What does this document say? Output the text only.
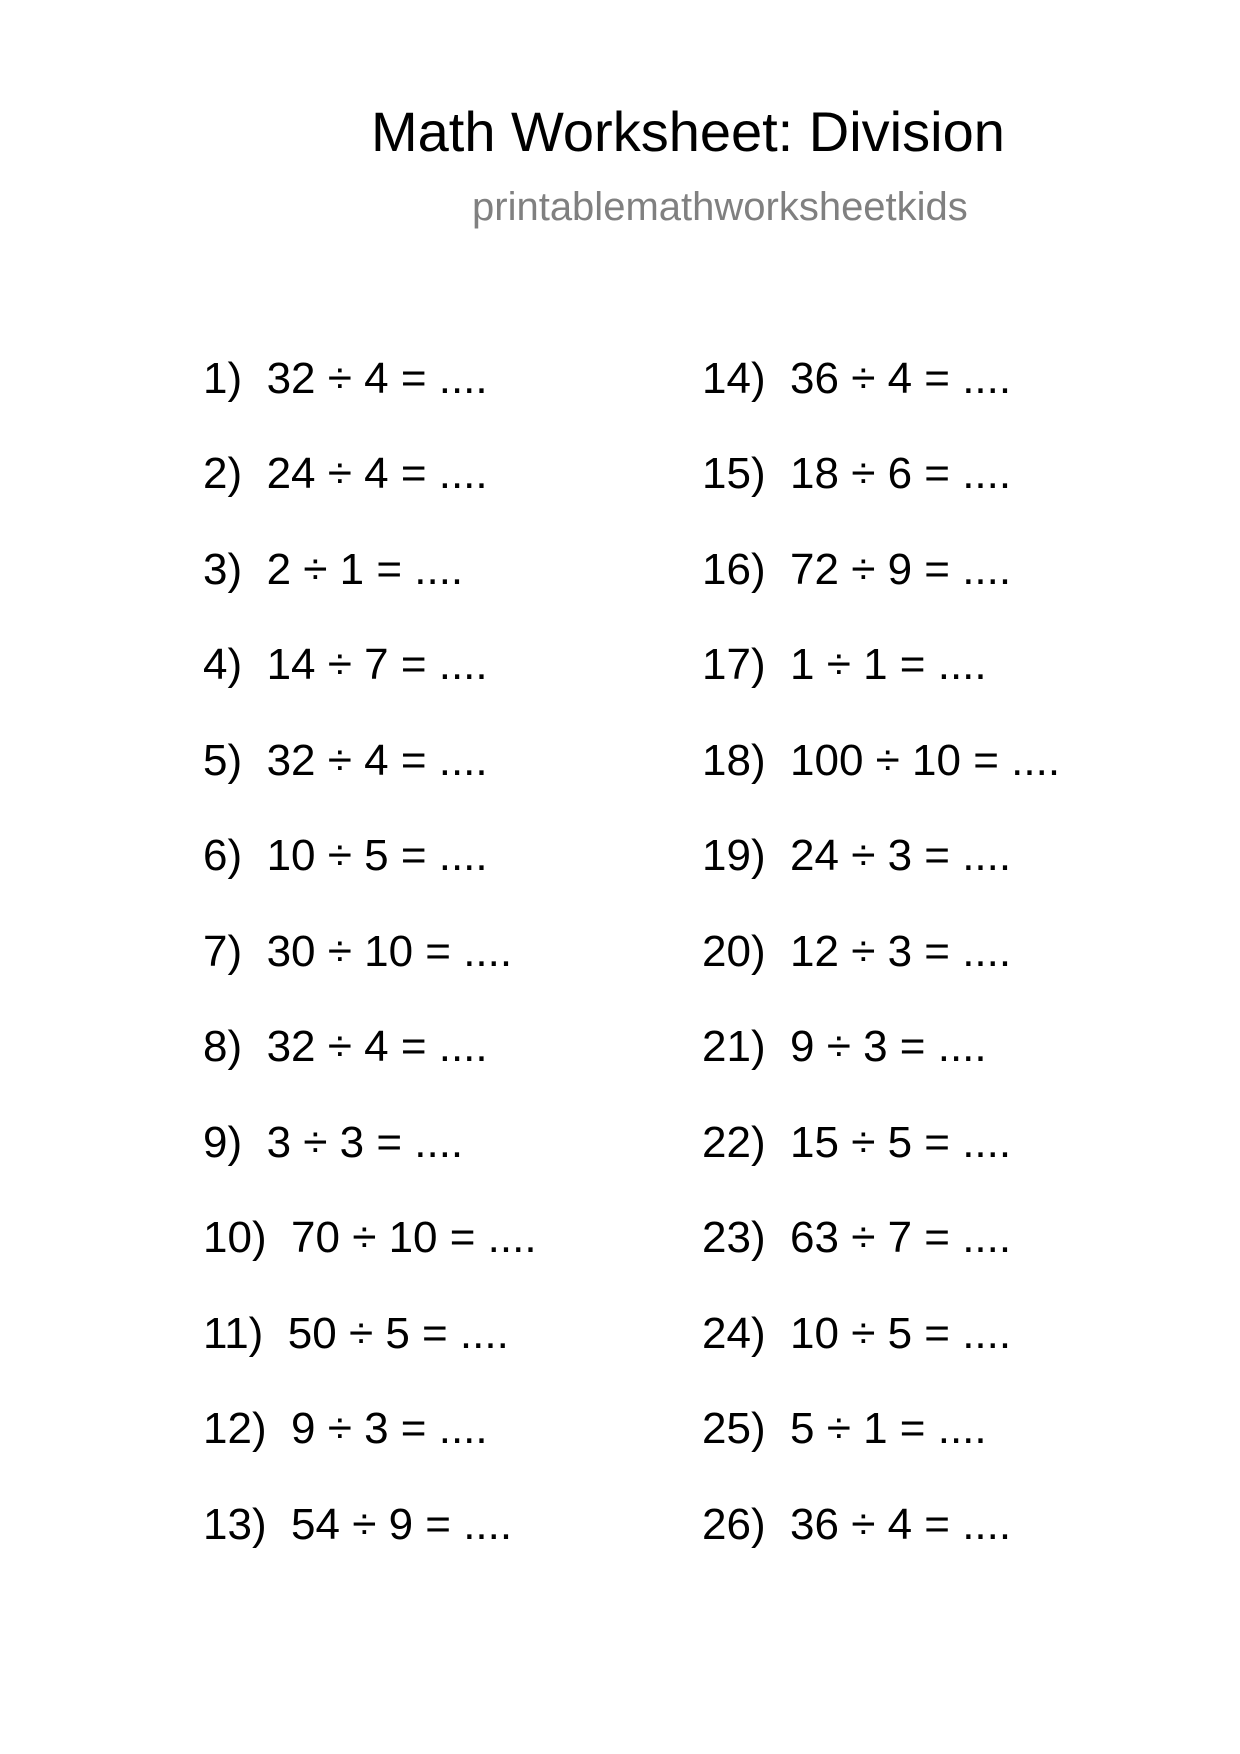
Math Worksheet: Division
printablemathworksheetkids
1) 32 ÷ 4 = ....
2) 24 ÷ 4 = ....
3) 2 ÷ 1 = ....
4) 14 ÷ 7 = ....
5) 32 ÷ 4 = ....
6) 10 ÷ 5 = ....
7) 30 ÷ 10 = ....
8) 32 ÷ 4 = ....
9) 3 ÷ 3 = ....
10) 70 ÷ 10 = ....
11) 50 ÷ 5 = ....
12) 9 ÷ 3 = ....
13) 54 ÷ 9 = ....
14) 36 ÷ 4 = ....
15) 18 ÷ 6 = ....
16) 72 ÷ 9 = ....
17) 1 ÷ 1 = ....
18) 100 ÷ 10 = ....
19) 24 ÷ 3 = ....
20) 12 ÷ 3 = ....
21) 9 ÷ 3 = ....
22) 15 ÷ 5 = ....
23) 63 ÷ 7 = ....
24) 10 ÷ 5 = ....
25) 5 ÷ 1 = ....
26) 36 ÷ 4 = ....
